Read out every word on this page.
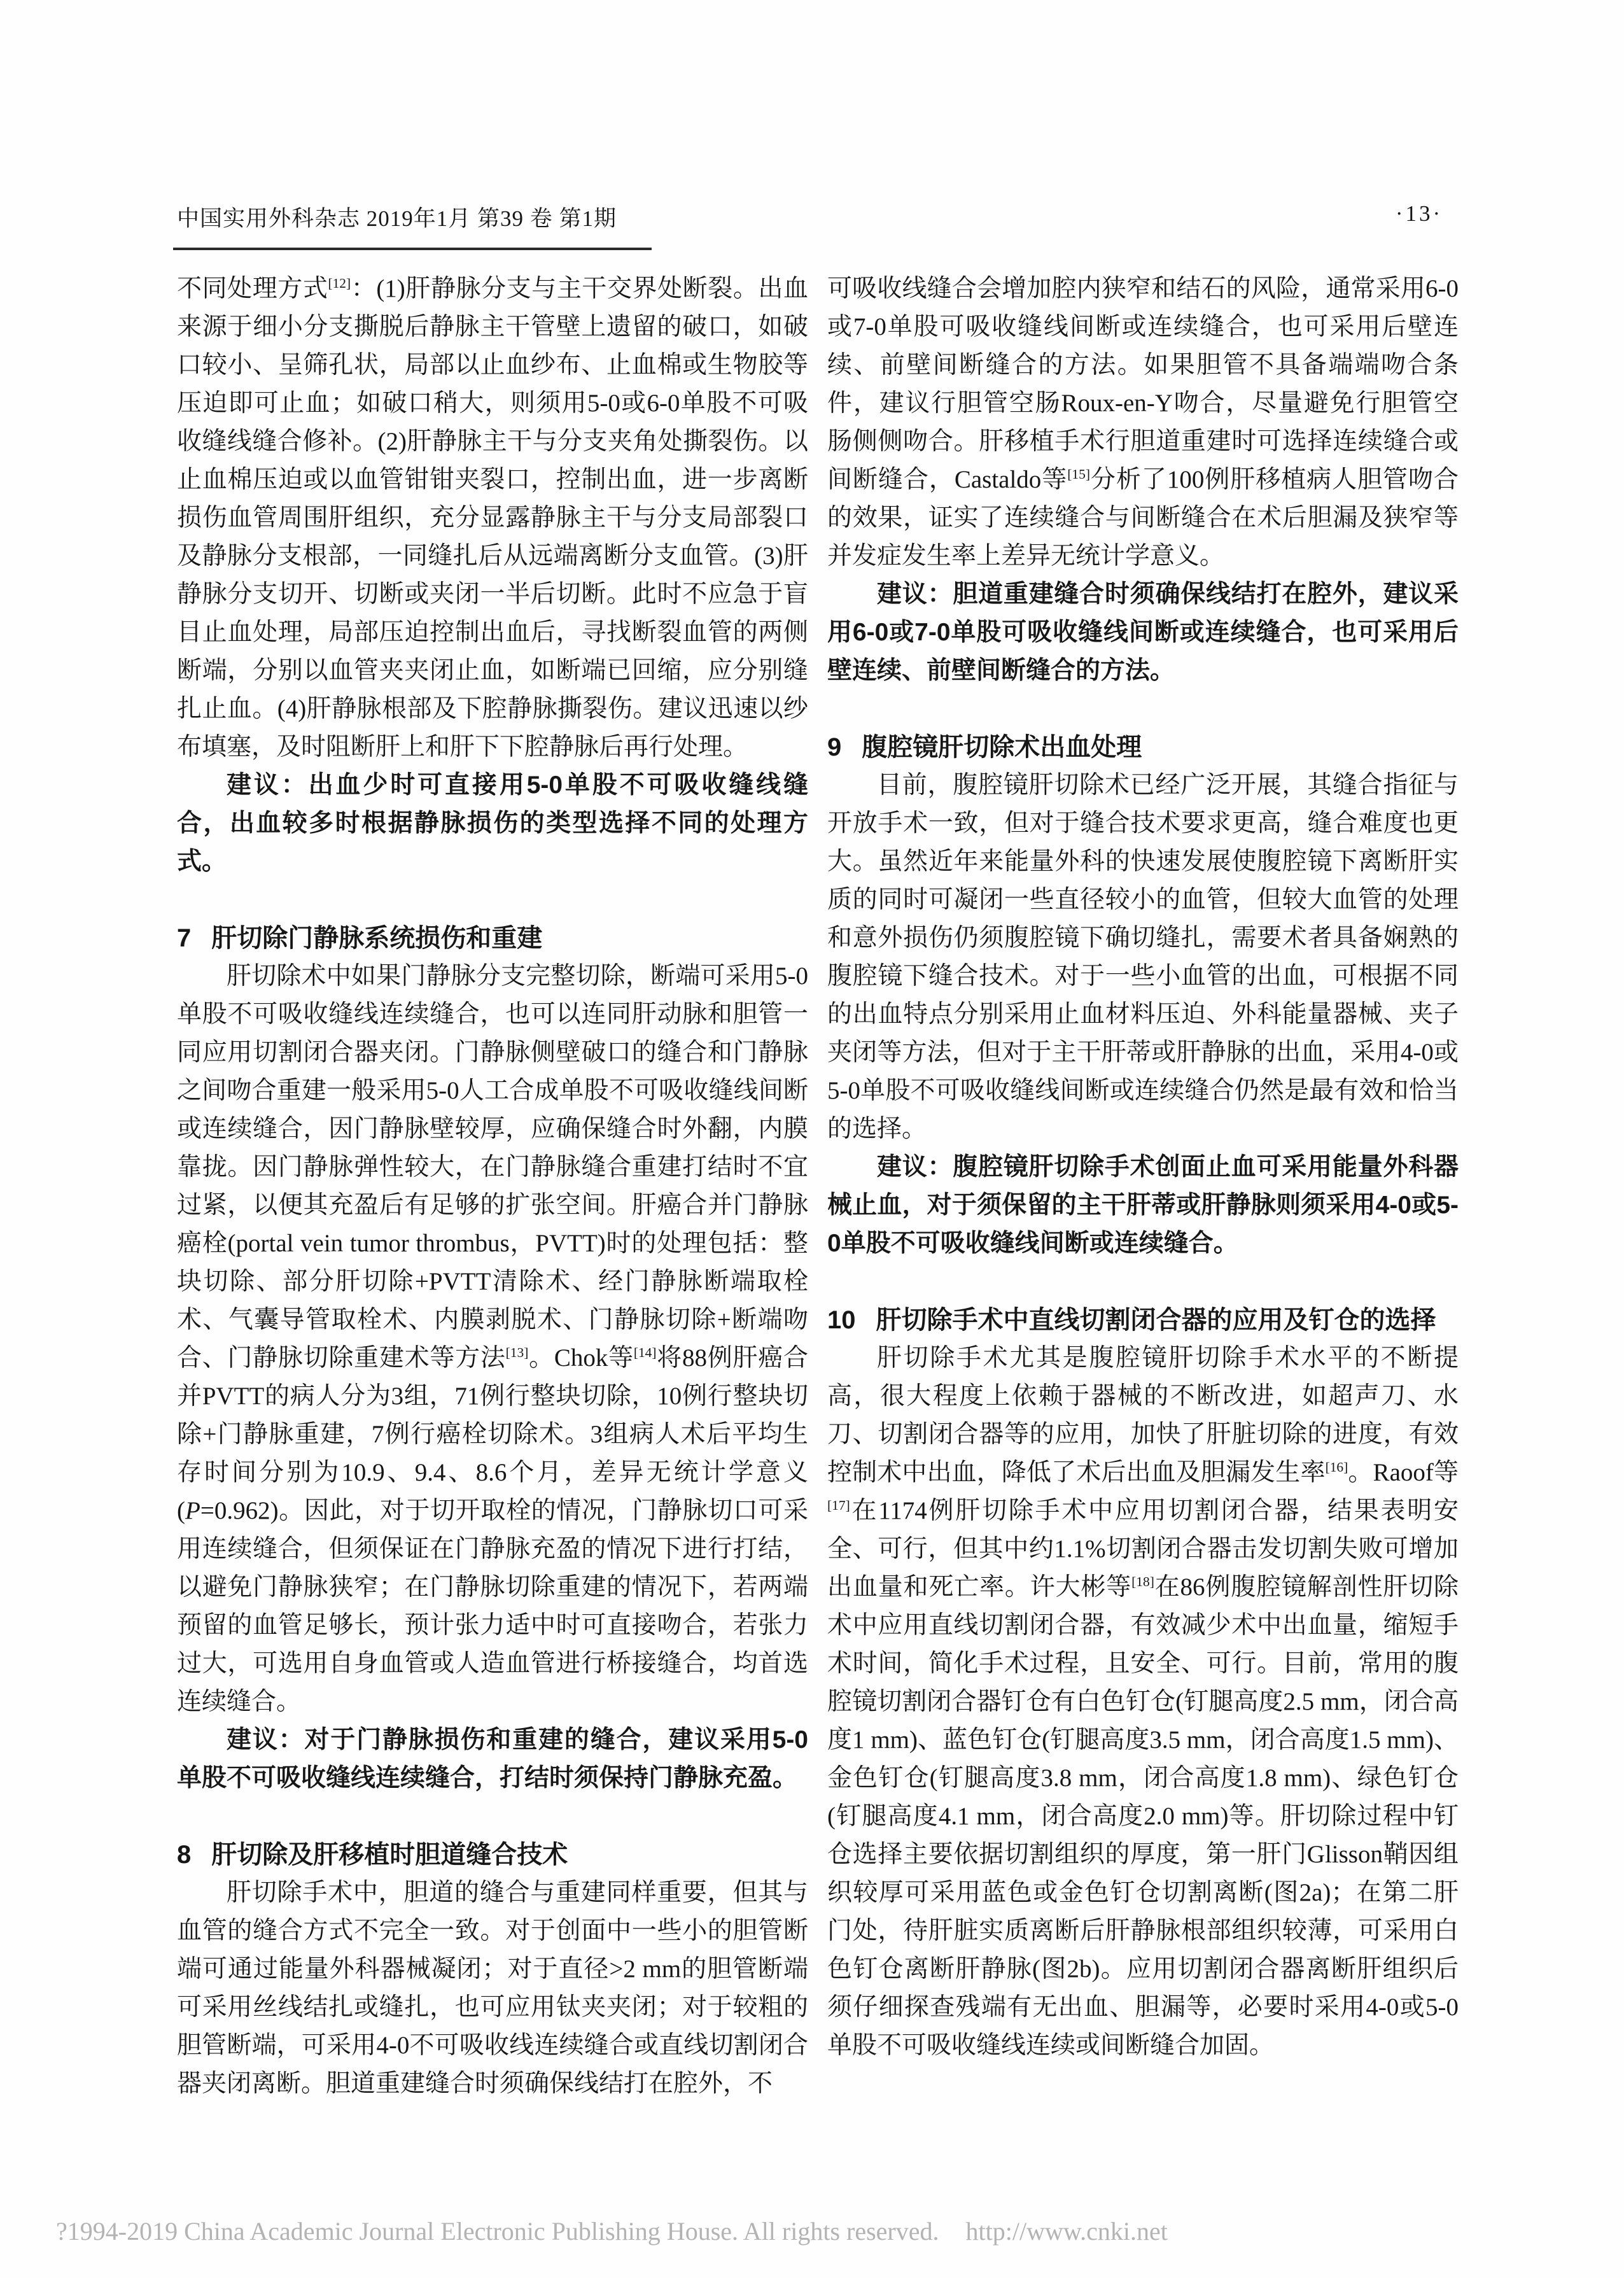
中国实用外科杂志 2019年1月 第39 卷 第1期	·13·
不同处理方式[12]：(1)肝静脉分支与主干交界处断裂。出血来源于细小分支撕脱后静脉主干管壁上遗留的破口，如破口较小、呈筛孔状，局部以止血纱布、止血棉或生物胶等压迫即可止血；如破口稍大，则须用5-0或6-0单股不可吸收缝线缝合修补。(2)肝静脉主干与分支夹角处撕裂伤。以止血棉压迫或以血管钳钳夹裂口，控制出血，进一步离断损伤血管周围肝组织，充分显露静脉主干与分支局部裂口及静脉分支根部，一同缝扎后从远端离断分支血管。(3)肝静脉分支切开、切断或夹闭一半后切断。此时不应急于盲目止血处理，局部压迫控制出血后，寻找断裂血管的两侧断端，分别以血管夹夹闭止血，如断端已回缩，应分别缝扎止血。(4)肝静脉根部及下腔静脉撕裂伤。建议迅速以纱布填塞，及时阻断肝上和肝下下腔静脉后再行处理。
建议：出血少时可直接用5-0单股不可吸收缝线缝合，出血较多时根据静脉损伤的类型选择不同的处理方式。
7 肝切除门静脉系统损伤和重建
肝切除术中如果门静脉分支完整切除，断端可采用5-0单股不可吸收缝线连续缝合，也可以连同肝动脉和胆管一同应用切割闭合器夹闭。门静脉侧壁破口的缝合和门静脉之间吻合重建一般采用5-0人工合成单股不可吸收缝线间断或连续缝合，因门静脉壁较厚，应确保缝合时外翻，内膜靠拢。因门静脉弹性较大，在门静脉缝合重建打结时不宜过紧，以便其充盈后有足够的扩张空间。肝癌合并门静脉癌栓(portal vein tumor thrombus，PVTT)时的处理包括：整块切除、部分肝切除+PVTT清除术、经门静脉断端取栓术、气囊导管取栓术、内膜剥脱术、门静脉切除+断端吻合、门静脉切除重建术等方法[13]。Chok等[14]将88例肝癌合并PVTT的病人分为3组，71例行整块切除，10例行整块切除+门静脉重建，7例行癌栓切除术。3组病人术后平均生存时间分别为10.9、9.4、8.6个月，差异无统计学意义(P=0.962)。因此，对于切开取栓的情况，门静脉切口可采用连续缝合，但须保证在门静脉充盈的情况下进行打结，以避免门静脉狭窄；在门静脉切除重建的情况下，若两端预留的血管足够长，预计张力适中时可直接吻合，若张力过大，可选用自身血管或人造血管进行桥接缝合，均首选连续缝合。
建议：对于门静脉损伤和重建的缝合，建议采用5-0单股不可吸收缝线连续缝合，打结时须保持门静脉充盈。
8 肝切除及肝移植时胆道缝合技术
肝切除手术中，胆道的缝合与重建同样重要，但其与血管的缝合方式不完全一致。对于创面中一些小的胆管断端可通过能量外科器械凝闭；对于直径>2 mm的胆管断端可采用丝线结扎或缝扎，也可应用钛夹夹闭；对于较粗的胆管断端，可采用4-0不可吸收线连续缝合或直线切割闭合器夹闭离断。胆道重建缝合时须确保线结打在腔外，不
可吸收线缝合会增加腔内狭窄和结石的风险，通常采用6-0或7-0单股可吸收缝线间断或连续缝合，也可采用后壁连续、前壁间断缝合的方法。如果胆管不具备端端吻合条件，建议行胆管空肠Roux-en-Y吻合，尽量避免行胆管空肠侧侧吻合。肝移植手术行胆道重建时可选择连续缝合或间断缝合，Castaldo等[15]分析了100例肝移植病人胆管吻合的效果，证实了连续缝合与间断缝合在术后胆漏及狭窄等并发症发生率上差异无统计学意义。
建议：胆道重建缝合时须确保线结打在腔外，建议采用6-0或7-0单股可吸收缝线间断或连续缝合，也可采用后壁连续、前壁间断缝合的方法。
9 腹腔镜肝切除术出血处理
目前，腹腔镜肝切除术已经广泛开展，其缝合指征与开放手术一致，但对于缝合技术要求更高，缝合难度也更大。虽然近年来能量外科的快速发展使腹腔镜下离断肝实质的同时可凝闭一些直径较小的血管，但较大血管的处理和意外损伤仍须腹腔镜下确切缝扎，需要术者具备娴熟的腹腔镜下缝合技术。对于一些小血管的出血，可根据不同的出血特点分别采用止血材料压迫、外科能量器械、夹子夹闭等方法，但对于主干肝蒂或肝静脉的出血，采用4-0或5-0单股不可吸收缝线间断或连续缝合仍然是最有效和恰当的选择。
建议：腹腔镜肝切除手术创面止血可采用能量外科器械止血，对于须保留的主干肝蒂或肝静脉则须采用4-0或5-0单股不可吸收缝线间断或连续缝合。
10 肝切除手术中直线切割闭合器的应用及钉仓的选择
肝切除手术尤其是腹腔镜肝切除手术水平的不断提高，很大程度上依赖于器械的不断改进，如超声刀、水刀、切割闭合器等的应用，加快了肝脏切除的进度，有效控制术中出血，降低了术后出血及胆漏发生率[16]。Raoof等[17]在1174例肝切除手术中应用切割闭合器，结果表明安全、可行，但其中约1.1%切割闭合器击发切割失败可增加出血量和死亡率。许大彬等[18]在86例腹腔镜解剖性肝切除术中应用直线切割闭合器，有效减少术中出血量，缩短手术时间，简化手术过程，且安全、可行。目前，常用的腹腔镜切割闭合器钉仓有白色钉仓(钉腿高度2.5 mm，闭合高度1 mm)、蓝色钉仓(钉腿高度3.5 mm，闭合高度1.5 mm)、金色钉仓(钉腿高度3.8 mm，闭合高度1.8 mm)、绿色钉仓(钉腿高度4.1 mm，闭合高度2.0 mm)等。肝切除过程中钉仓选择主要依据切割组织的厚度，第一肝门Glisson鞘因组织较厚可采用蓝色或金色钉仓切割离断(图2a)；在第二肝门处，待肝脏实质离断后肝静脉根部组织较薄，可采用白色钉仓离断肝静脉(图2b)。应用切割闭合器离断肝组织后须仔细探查残端有无出血、胆漏等，必要时采用4-0或5-0单股不可吸收缝线连续或间断缝合加固。
?1994-2019 China Academic Journal Electronic Publishing House. All rights reserved. http://www.cnki.net
